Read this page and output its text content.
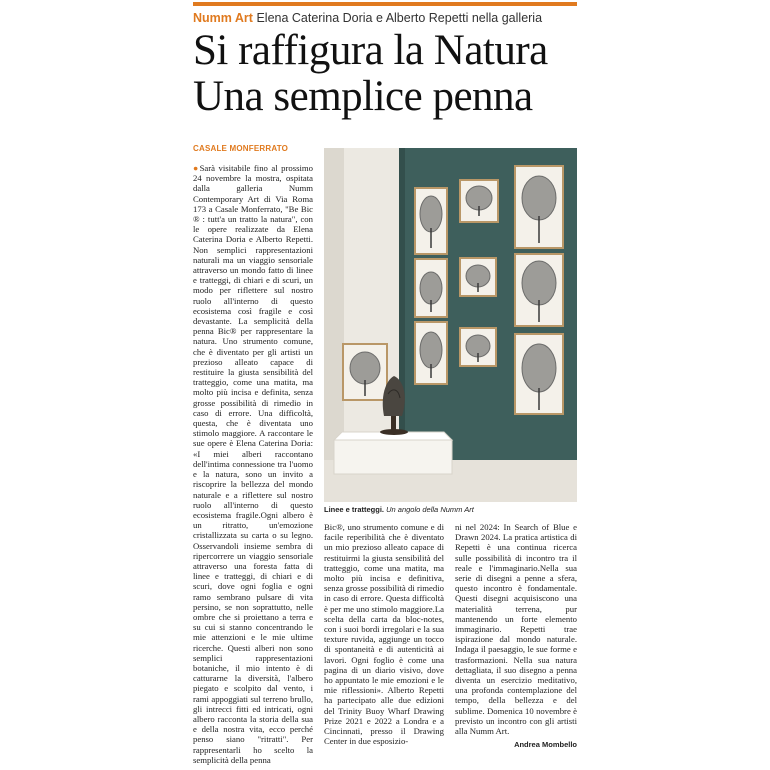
Numm Art Elena Caterina Doria e Alberto Repetti nella galleria
Si raffigura la Natura
Una semplice penna
CASALE MONFERRATO
●Sarà visitabile fino al prossimo 24 novembre la mostra, ospitata dalla galleria Numm Contemporary Art di Via Roma 173 a Casale Monferrato, "Be Bic ® : tutt'a un tratto la natura", con le opere realizzate da Elena Caterina Doria e Alberto Repetti. Non semplici rappresentazioni naturali ma un viaggio sensoriale attraverso un mondo fatto di linee e tratteggi, di chiari e di scuri, un modo per riflettere sul nostro ruolo all'interno di questo ecosistema così fragile e così devastante. La semplicità della penna Bic® per rappresentare la natura. Uno strumento comune, che è diventato per gli artisti un prezioso alleato capace di restituire la giusta sensibilità del tratteggio, come una matita, ma molto più incisa e definita, senza grosse possibilità di rimedio in caso di errore. Una difficoltà, questa, che è diventata uno stimolo maggiore. A raccontare le sue opere è Elena Caterina Doria: «I miei alberi raccontano dell'intima connessione tra l'uomo e la natura, sono un invito a riscoprire la bellezza del mondo naturale e a riflettere sul nostro ruolo all'interno di questo ecosistema fragile.Ogni albero è un ritratto, un'emozione cristallizzata su carta o su legno. Osservandoli insieme sembra di ripercorrere un viaggio sensoriale attraverso una foresta fatta di linee e tratteggi, di chiari e di scuri, dove ogni foglia e ogni ramo sembrano pulsare di vita persino, se non soprattutto, nelle ombre che si proiettano a terra e su cui si stanno concentrando le mie attenzioni e le mie ultime ricerche. Questi alberi non sono semplici rappresentazioni botaniche, il mio intento è di catturarne la diversità, l'albero piegato e scolpito dal vento, i rami appoggiati sul terreno brullo, gli intrecci fitti ed intricati, ogni albero racconta la storia della sua e della nostra vita, ecco perché penso siano "ritratti". Per rappresentarli ho scelto la semplicità della penna
Linee e tratteggi. Un angolo della Numm Art
Bic®, uno strumento comune e di facile reperibilità che è diventato un mio prezioso alleato capace di restituirmi la giusta sensibilità del tratteggio, come una matita, ma molto più incisa e definitiva, senza grosse possibilità di rimedio in caso di errore. Questa difficoltà è per me uno stimolo maggiore.La scelta della carta da bloc-notes, con i suoi bordi irregolari e la sua texture ruvida, aggiunge un tocco di spontaneità e di autenticità ai lavori. Ogni foglio è come una pagina di un diario visivo, dove ho appuntato le mie emozioni e le mie riflessioni». Alberto Repetti ha partecipato alle due edizioni del Trinity Buoy Wharf Drawing Prize 2021 e 2022 a Londra e a Cincinnati, presso il Drawing Center in due esposizio-
ni nel 2024: In Search of Blue e Drawn 2024. La pratica artistica di Repetti è una continua ricerca sulle possibilità di incontro tra il reale e l'immaginario.Nella sua serie di disegni a penne a sfera, questo incontro è fondamentale. Questi disegni acquisiscono una materialità terrena, pur mantenendo un forte elemento immaginario. Repetti trae ispirazione dal mondo naturale. Indaga il paesaggio, le sue forme e trasformazioni. Nella sua natura dettagliata, il suo disegno a penna diventa un esercizio meditativo, una profonda contemplazione del tempo, della bellezza e del sublime. Domenica 10 novembre è previsto un incontro con gli artisti alla Numm Art.
Andrea Mombello
